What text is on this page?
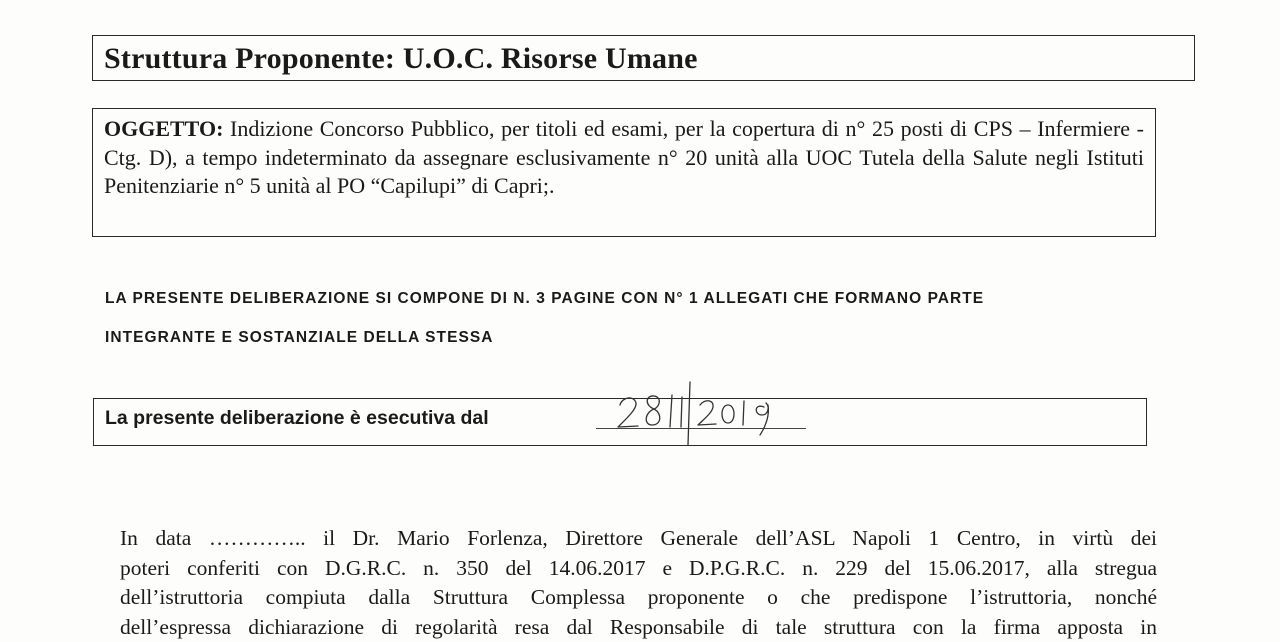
Struttura Proponente: U.O.C. Risorse Umane
OGGETTO: Indizione Concorso Pubblico, per titoli ed esami, per la copertura di n° 25 posti di CPS – Infermiere - Ctg. D), a tempo indeterminato da assegnare esclusivamente n° 20 unità alla UOC Tutela della Salute negli Istituti Penitenziarie n° 5 unità al PO “Capilupi” di Capri;.
LA PRESENTE DELIBERAZIONE SI COMPONE DI N. 3 PAGINE CON N° 1 ALLEGATI CHE FORMANO PARTE
INTEGRANTE E SOSTANZIALE DELLA STESSA
La presente deliberazione è esecutiva dal
In data ………….. il Dr. Mario Forlenza, Direttore Generale dell’ASL Napoli 1 Centro, in virtù dei
poteri conferiti con D.G.R.C. n. 350 del 14.06.2017 e D.P.G.R.C. n. 229 del 15.06.2017, alla stregua
dell’istruttoria compiuta dalla Struttura Complessa proponente o che predispone l’istruttoria, nonché
dell’espressa dichiarazione di regolarità resa dal Responsabile di tale struttura con la firma apposta in
